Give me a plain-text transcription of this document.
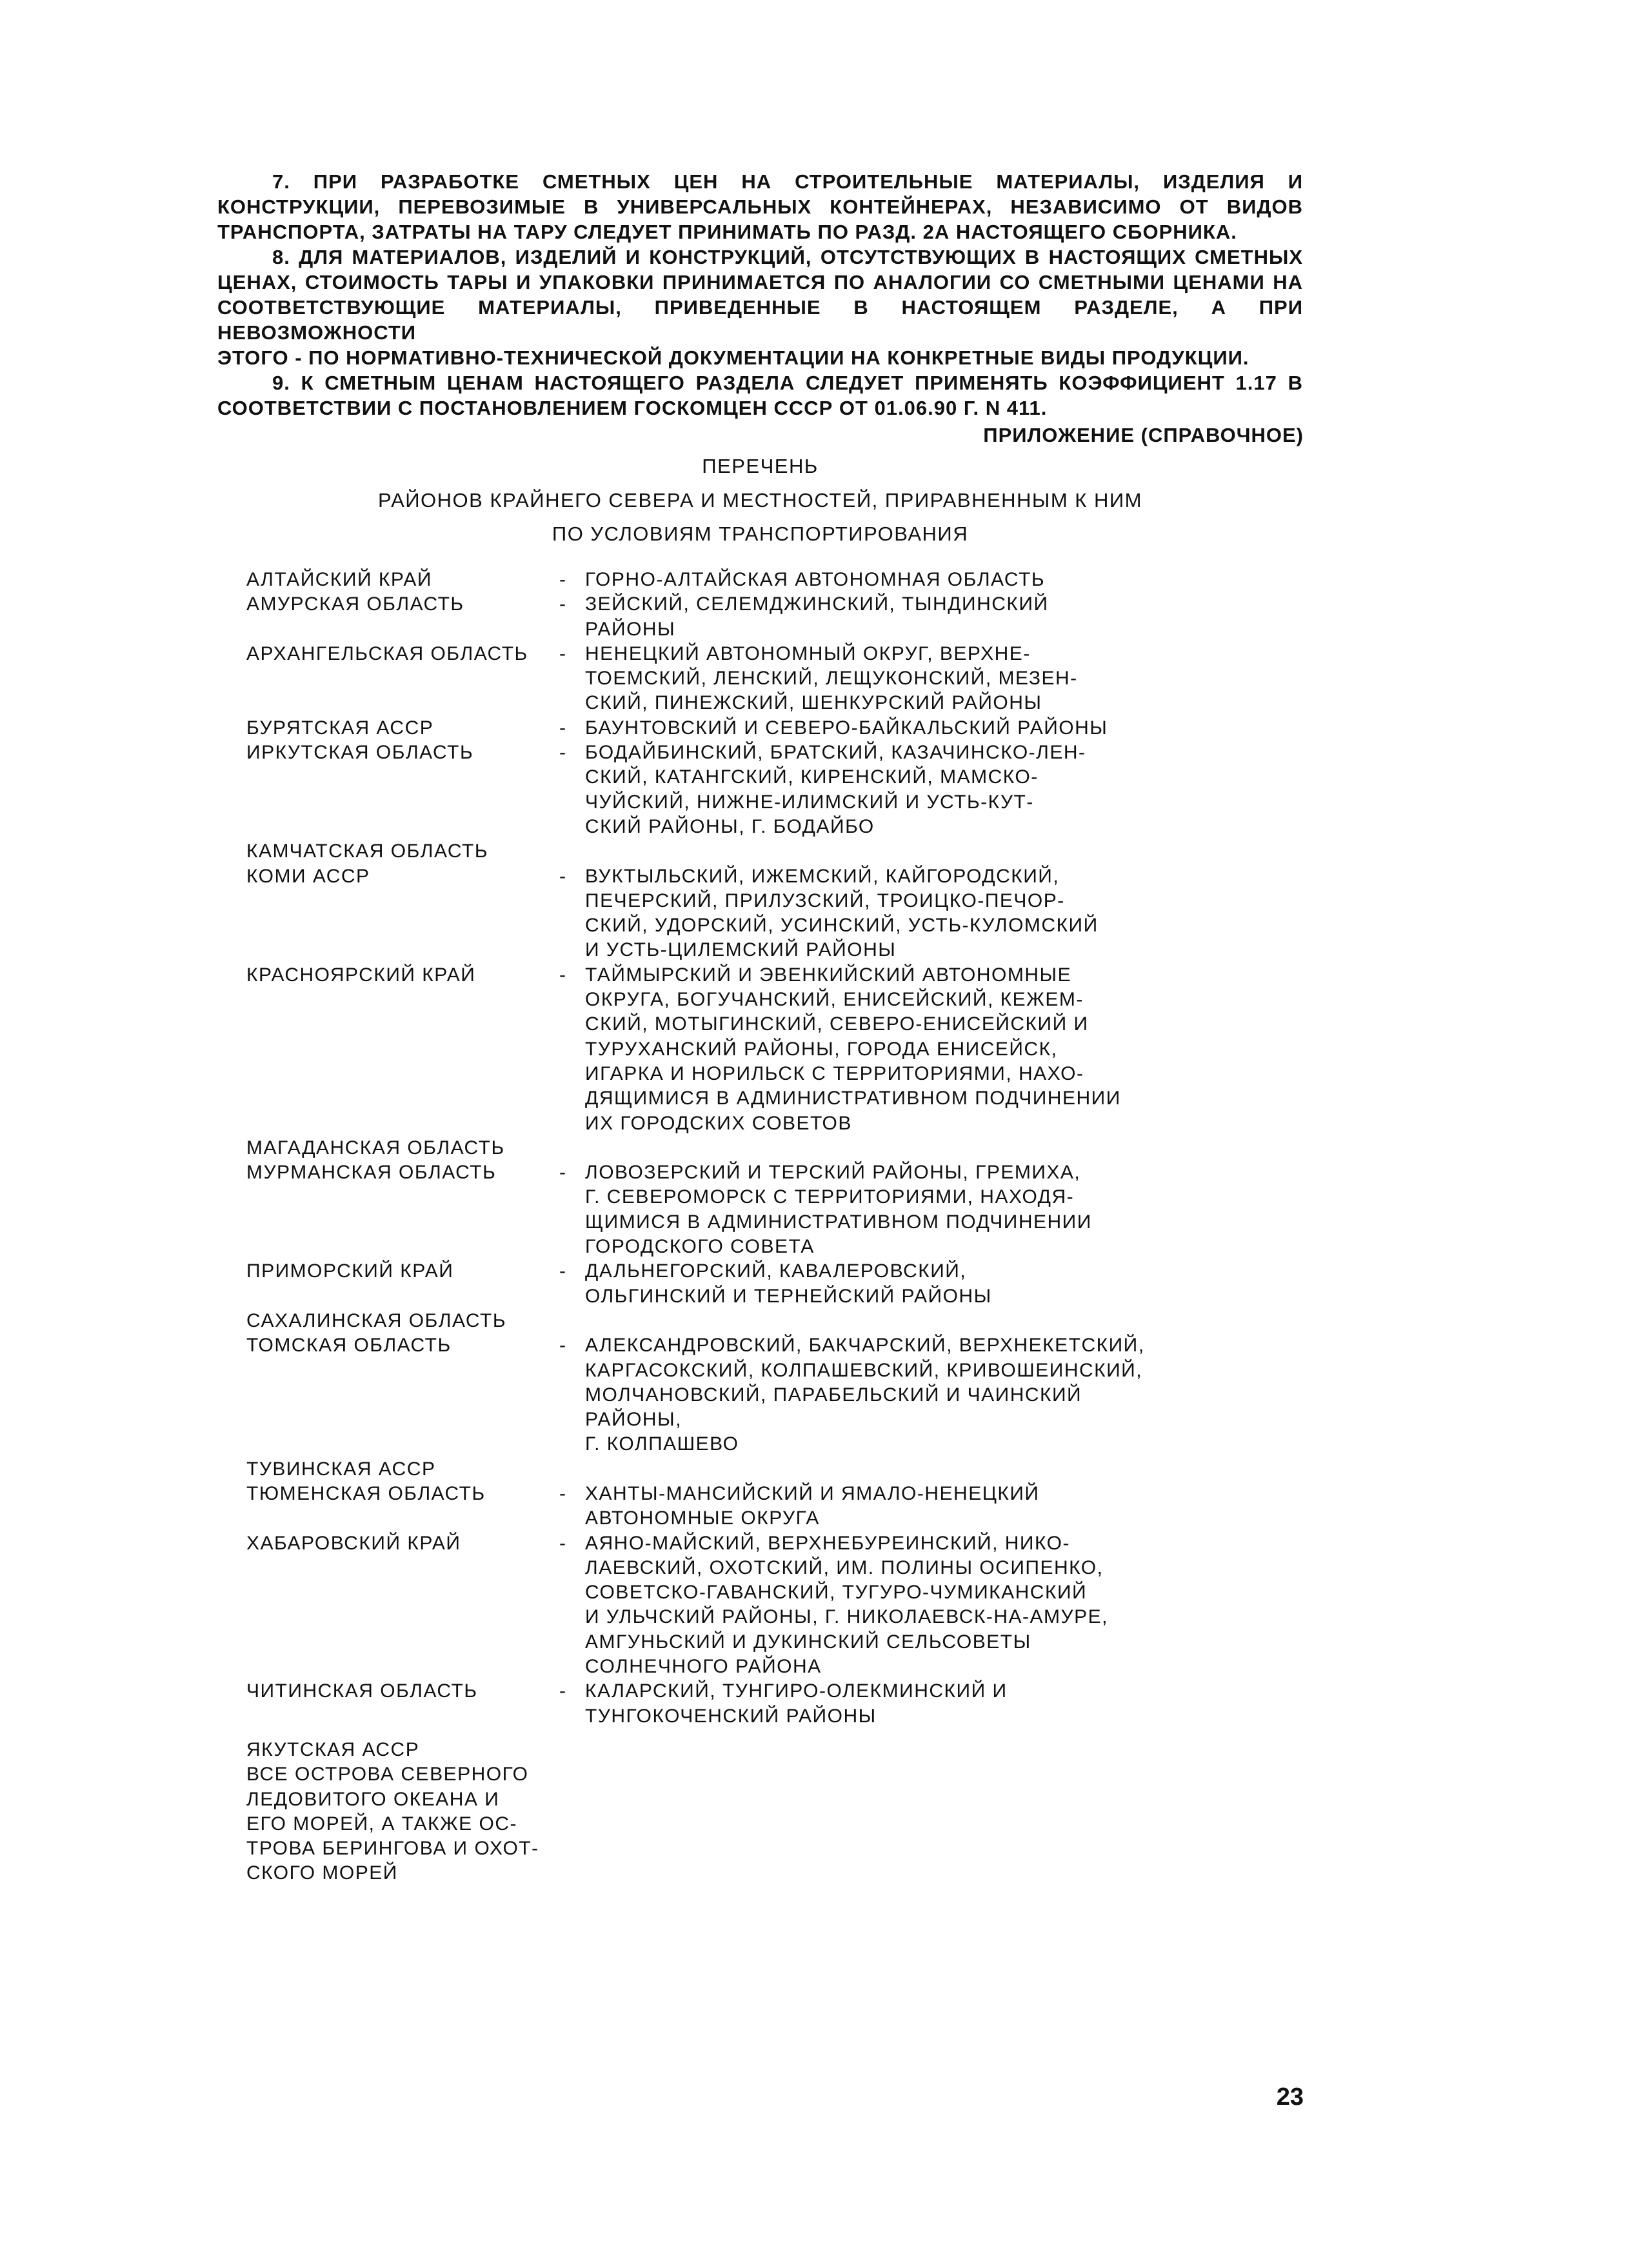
7. ПРИ РАЗРАБОТКЕ СМЕТНЫХ ЦЕН НА СТРОИТЕЛЬНЫЕ МАТЕРИАЛЫ, ИЗДЕЛИЯ И
КОНСТРУКЦИИ, ПЕРЕВОЗИМЫЕ В УНИВЕРСАЛЬНЫХ КОНТЕЙНЕРАХ, НЕЗАВИСИМО ОТ ВИДОВ
ТРАНСПОРТА, ЗАТРАТЫ НА ТАРУ СЛЕДУЕТ ПРИНИМАТЬ ПО РАЗД. 2А НАСТОЯЩЕГО СБОРНИКА.
8. ДЛЯ МАТЕРИАЛОВ, ИЗДЕЛИЙ И КОНСТРУКЦИЙ, ОТСУТСТВУЮЩИХ В НАСТОЯЩИХ СМЕТНЫХ
ЦЕНАХ, СТОИМОСТЬ ТАРЫ И УПАКОВКИ ПРИНИМАЕТСЯ ПО АНАЛОГИИ СО СМЕТНЫМИ ЦЕНАМИ НА
СООТВЕТСТВУЮЩИЕ МАТЕРИАЛЫ, ПРИВЕДЕННЫЕ В НАСТОЯЩЕМ РАЗДЕЛЕ, А ПРИ НЕВОЗМОЖНОСТИ
ЭТОГО - ПО НОРМАТИВНО-ТЕХНИЧЕСКОЙ ДОКУМЕНТАЦИИ НА КОНКРЕТНЫЕ ВИДЫ ПРОДУКЦИИ.
9. К СМЕТНЫМ ЦЕНАМ НАСТОЯЩЕГО РАЗДЕЛА СЛЕДУЕТ ПРИМЕНЯТЬ КОЭФФИЦИЕНТ 1.17 В
СООТВЕТСТВИИ С ПОСТАНОВЛЕНИЕМ ГОСКОМЦЕН СССР ОТ 01.06.90 Г. N 411.
ПРИЛОЖЕНИЕ (СПРАВОЧНОЕ)
ПЕРЕЧЕНЬ
РАЙОНОВ КРАЙНЕГО СЕВЕРА И МЕСТНОСТЕЙ, ПРИРАВНЕННЫМ К НИМ
ПО УСЛОВИЯМ ТРАНСПОРТИРОВАНИЯ
АЛТАЙСКИЙ КРАЙ	- ГОРНО-АЛТАЙСКАЯ АВТОНОМНАЯ ОБЛАСТЬ
АМУРСКАЯ ОБЛАСТЬ	- ЗЕЙСКИЙ, СЕЛЕМДЖИНСКИЙ, ТЫНДИНСКИЙ
РАЙОНЫ
АРХАНГЕЛЬСКАЯ ОБЛАСТЬ	- НЕНЕЦКИЙ АВТОНОМНЫЙ ОКРУГ, ВЕРХНЕ-
ТОЕМСКИЙ, ЛЕНСКИЙ, ЛЕЩУКОНСКИЙ, МЕЗЕН-
СКИЙ, ПИНЕЖСКИЙ, ШЕНКУРСКИЙ РАЙОНЫ
БУРЯТСКАЯ АССР	- БАУНТОВСКИЙ И СЕВЕРО-БАЙКАЛЬСКИЙ РАЙОНЫ
ИРКУТСКАЯ ОБЛАСТЬ	- БОДАЙБИНСКИЙ, БРАТСКИЙ, КАЗАЧИНСКО-ЛЕН-
СКИЙ, КАТАНГСКИЙ, КИРЕНСКИЙ, МАМСКО-
ЧУЙСКИЙ, НИЖНЕ-ИЛИМСКИЙ И УСТЬ-КУТ-
СКИЙ РАЙОНЫ, Г. БОДАЙБО
КАМЧАТСКАЯ ОБЛАСТЬ
КОМИ АССР	- ВУКТЫЛЬСКИЙ, ИЖЕМСКИЙ, КАЙГОРОДСКИЙ,
ПЕЧЕРСКИЙ, ПРИЛУЗСКИЙ, ТРОИЦКО-ПЕЧОР-
СКИЙ, УДОРСКИЙ, УСИНСКИЙ, УСТЬ-КУЛОМСКИЙ
И УСТЬ-ЦИЛЕМСКИЙ РАЙОНЫ
КРАСНОЯРСКИЙ КРАЙ	- ТАЙМЫРСКИЙ И ЭВЕНКИЙСКИЙ АВТОНОМНЫЕ
ОКРУГА, БОГУЧАНСКИЙ, ЕНИСЕЙСКИЙ, КЕЖЕМ-
СКИЙ, МОТЫГИНСКИЙ, СЕВЕРО-ЕНИСЕЙСКИЙ И
ТУРУХАНСКИЙ РАЙОНЫ, ГОРОДА ЕНИСЕЙСК,
ИГАРКА И НОРИЛЬСК С ТЕРРИТОРИЯМИ, НАХО-
ДЯЩИМИСЯ В АДМИНИСТРАТИВНОМ ПОДЧИНЕНИИ
ИХ ГОРОДСКИХ СОВЕТОВ
МАГАДАНСКАЯ ОБЛАСТЬ
МУРМАНСКАЯ ОБЛАСТЬ	- ЛОВОЗЕРСКИЙ И ТЕРСКИЙ РАЙОНЫ, ГРЕМИХА,
Г. СЕВЕРОМОРСК С ТЕРРИТОРИЯМИ, НАХОДЯ-
ЩИМИСЯ В АДМИНИСТРАТИВНОМ ПОДЧИНЕНИИ
ГОРОДСКОГО СОВЕТА
ПРИМОРСКИЙ КРАЙ	- ДАЛЬНЕГОРСКИЙ, КАВАЛЕРОВСКИЙ,
ОЛЬГИНСКИЙ И ТЕРНЕЙСКИЙ РАЙОНЫ
САХАЛИНСКАЯ ОБЛАСТЬ
ТОМСКАЯ ОБЛАСТЬ	- АЛЕКСАНДРОВСКИЙ, БАКЧАРСКИЙ, ВЕРХНЕКЕТСКИЙ,
КАРГАСОКСКИЙ, КОЛПАШЕВСКИЙ, КРИВОШЕИНСКИЙ,
МОЛЧАНОВСКИЙ, ПАРАБЕЛЬСКИЙ И ЧАИНСКИЙ РАЙОНЫ,
Г. КОЛПАШЕВО
ТУВИНСКАЯ АССР
ТЮМЕНСКАЯ ОБЛАСТЬ	- ХАНТЫ-МАНСИЙСКИЙ И ЯМАЛО-НЕНЕЦКИЙ
АВТОНОМНЫЕ ОКРУГА
ХАБАРОВСКИЙ КРАЙ	- АЯНО-МАЙСКИЙ, ВЕРХНЕБУРЕИНСКИЙ, НИКО-
ЛАЕВСКИЙ, ОХОТСКИЙ, ИМ. ПОЛИНЫ ОСИПЕНКО,
СОВЕТСКО-ГАВАНСКИЙ, ТУГУРО-ЧУМИКАНСКИЙ
И УЛЬЧСКИЙ РАЙОНЫ, Г. НИКОЛАЕВСК-НА-АМУРЕ,
АМГУНЬСКИЙ И ДУКИНСКИЙ СЕЛЬСОВЕТЫ
СОЛНЕЧНОГО РАЙОНА
ЧИТИНСКАЯ ОБЛАСТЬ	- КАЛАРСКИЙ, ТУНГИРО-ОЛЕКМИНСКИЙ И
ТУНГОКОЧЕНСКИЙ РАЙОНЫ
ЯКУТСКАЯ АССР
ВСЕ ОСТРОВА СЕВЕРНОГО
ЛЕДОВИТОГО ОКЕАНА И
ЕГО МОРЕЙ, А ТАКЖЕ ОС-
ТРОВА БЕРИНГОВА И ОХОТ-
СКОГО МОРЕЙ
23
